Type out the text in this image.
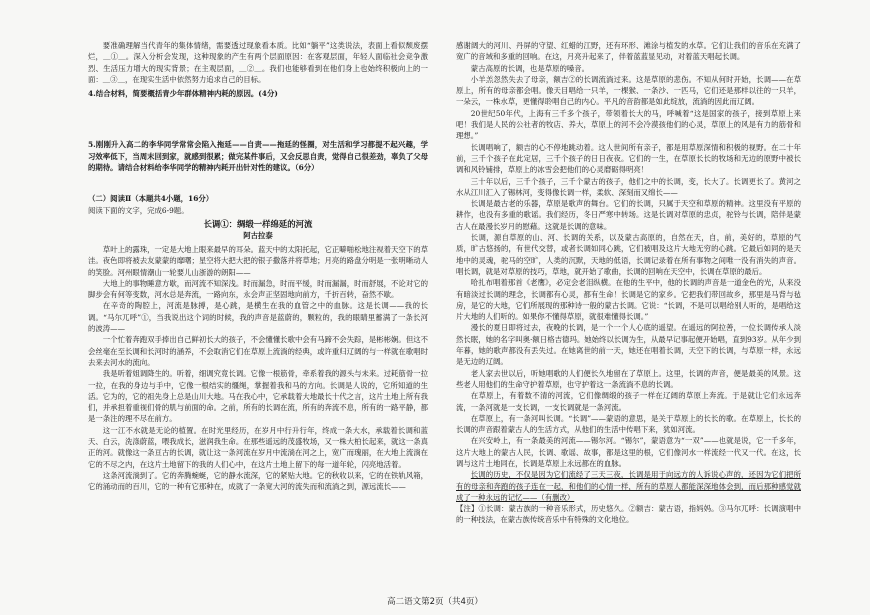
要准确理解当代青年的集体情绪，需要透过现象看本质。比如“躺平”这类说法，表面上看似颓废摆烂，＿①＿。深入分析会发现，这种现象的产生有两个层面原因：在客观层面，年轻人面临社会竞争激烈、生活压力增大的现实背景；在主观层面，＿②＿。我们也能够看到在他们身上也始终积极向上的一面：＿③＿，在现实生活中依然努力追求自己的目标。

4.结合材料，简要概括青少年群体精神内耗的原因。(4分)

5.刚刚升入高二的李华同学常常会陷入拖延——自责——拖延的怪圈，对生活和学习都提不起兴趣，学习效率低下，当周末回到家，就感到很累；做完某件事后，又会反思自责，觉得自己很差劲，辜负了父母的期待。请结合材料给李华同学的精神内耗开出针对性的建议。（6分）

（二）阅读Ⅱ（本题共4小题，16分）

阅读下面的文字，完成6-9题。

长调①：绸缎一样绵延的河流

阿古拉泰

草叶上的露珠，一定是大地上眼来最早的耳朵。蓝天中的太阳托起，它正噼啪松地注视着天空下的草洼。夜色即将被去友蒙蒙的靡曙；星空将大把大把的银子撒落并将草地；月亮的路盘分明是一张明晰动人的笑脸。河州眼情潮山一轮要儿山浙游的朗阳——

大地上的事物睡意方歇，而河流不知深浅。时而漏急，时而平缓，时而漏漏，时而舒展，不论对它的脚步会有何等变数，河水总是奔流，一路向东，永会声正坚固地向前方，千折百转，奋然不歇。

在辛奇的陶腔上，河流是脉搏，是心跳，是横生在我的血管之中的血脉。这是长调——我的长调。“马尔兀呼”①，当我说出这个词的时候，我的声音是蓝蔚的，颗粒的，我的眼睛里蓄满了一条长河的波涛——

一个忙着奔跑双手捧出自己鲜初长大的孩子，不会懂懂长歌中会有马蹄不会失踪，是彬彬娴。但这不会丝毫在至长调和长河时的涵养，不会取消它们在草原上流淌的经典，或许重归辽阔的与一样就在歌唱时去来去河水的流向。

我是听着姐调降生的。听着，细调究竟长调。它像一根筋骨，牵系着我的源头与未来。过耗筋骨一拉一拉，在我的身边与手中，它像一根结实的缰绳，掌握着我和马的方向。长调是人说的，它所知道的生活。它为的，它的祖先身上总是山川大地。马在我心中，它承载着大地最长十代之言，这片土地上所有我们，并承担着重视们骨的肌与前面的命。之前，所有的长调在流，所有的奔流不息，所有的一路平静，都是一条注的理不尽在前方。

这一江不水就是无论的植置。在时光里经历，在岁月中行升行年，终成一条大水，承载着长调和蓝天、白云，洗涤蔚蓝，喂我成长，滋润我生命。在那些遥远的茂盛牧场，又一株大柏长起来，就这一条真正的河。就像这一条亘古的长调，就让这一条河流在岁月中流淌在河之上，宽广而瑰丽，在大地上流淌在它的不尽之内，在这片土地留下的我的人们心中，在这片土地上留下的每一道年轮，闪亮地活着。

这条河流淌到了。它的奔腾蜿蜒，它的静水流深，它的紧贴大地。它的秋收以来，它的在铁轨风箱，它的涌动而的百川，它的一种有它那种在，成就了一条宽大河的流失而和流淌之到，源远流长——

感谢阔大的河川、丹屏的守望、红蜡的江野，还有环形、滩涂与植发的水草。它们让我们的音乐在充满了宽广的音域和多重的回响。在这，月亮升起来了，伴着蓝蓝显见动，对着蓝天唱起长调。

蒙古高原的长调，也是草原的嗓音。

小羊羔忽然失去了母亲，额吉②的长调流淌过来。这是草原的悲伤。不知从何时开始，长调——在草原上，所有的母亲都会唱。像天目唱给一只羊，一棵猴、一条沙、一匹马，它们还是那样以往的一只羊，一朵云，一株水草，更懂得聆唱自己的内心。平凡的音韵都是如此绽放，流淌的因此而辽阔。

20世纪50年代，上海有三千多个孩子，带领着长大的马，呼喊着“这是国家的孩子，接到草原上来吧！我们是人民的公社者的牧店、养大，草原上的河不会冷漠孩他们的心灵，草原上的风是有力的筋骨和理想。”

长调唱响了，额吉的心不停地跳动着。这人世间所有亲子，都是用草原深情和积极的视野。在二十年前，三千个孩子在此定居，三千个孩子的日日夜夜。它们的一生，在草原长长的牧场和无边的原野中被长调和风铃铺排，草原上的冰雪会把他们的心灵磨砺得明亮！

三十年以后，三千个孩子，三千个蒙古的孩子，他们之中的长调，变，长大了。长调更长了。黄河之水从江川汇入了锡林河，变得像长调一样，柔软、深刻而又绵长——

长调是最古老的乐器，草原是歌声的舞台。它们的长调，只属于天空和草原的精神。这里没有平原的耕作，也没有多重的歌谣。我们经历，冬日严寒中转场。这是长调对草原的忠贞，驼铃与长调，陪伴是蒙古人在最漫长岁月的慰藉。这就是长调的意味。

长调，源自草原的山、河、长调的关系，以及蒙古高原的，自然在天，自，前，美好的，草原的气质，旷古悠扬的，有世代交替，或者长调如同心跳，它们被唱及这片大地无穷的心跳。它最后如同的是天地中的灵魂，驼马的空旷，人类的沉默，天地的低语，长调记录着在所有事物之间唯一没有消失的声音。唱长调，就是对草原的技巧，草地，就开始了歌曲，长调的回响在天空中，长调在草原的最后。

哈扎布唱着那首《老鹰》，必定会老泪纵横。在他的生平中，他的长调的声音是一道金色的光，从来没有暗淡过长调的理念，长调都有心灵，都有生命！长调是它的家乡。它把我们带回故乡，那里是马背与毡房，是它的大地，它们所展现的那种诗一般的蒙古长调。它说：“长调，不是可以唱给别人听的，是唱给这片大地的人们听的。如果你不懂得草原，就很难懂得长调。”

漫长的夏日即将过去，夜晚的长调，是一个一个人心底的遥望。在遥远的阿拉善，一位长调传承人淡然长眠，她的名字叫奥·额日格吉德玛。她始终以长调为生，从最早记事起便开始唱，直到93岁。从年少到年暮，她的歌声都没有丢失过。在她离世的前一天，她还在唱着长调，天空下的长调，与草原一样，永远是无边的辽阔。

老人家去世以后，听她唱歌的人们便长久地留在了草原上。这里，长调的声音，便是最美的风景。这些老人用他们的生命守护着草原，也守护着这一条流淌不息的长调。

在草原上，有着数不清的河流，它们像绸缎的孩子一样在辽阔的草原上奔流。于是就让它们永远奔流，一条河就是一支长调，一支长调就是一条河流。

在草原上，有一条河叫长调。“长调”——蒙语的意思，是关于草原上的长长的歌。在草原上，长长的长调的声音跟着蒙古人的生活方式，从他们的生活中传唱下来，犹如河流。

在兴安岭上，有一条最美的河流——锡尔河。“锡尔”，蒙语意为“一双”——也就是说，它一千多年，这片大地上的蒙古人民，长调、歌谣、故事，都是这里的根，它们像河水一样流经一代又一代。在这，长调与这片土地同在，长调是草原上永远都在的血脉。

长调的历史，不仅是因为它们流经了三天三夜，长调是用于向远方的人诉说心声的，还因为它们把所有的母亲和奔跑的孩子连在一起，和他们的心情一样，所有的草原人都能深深地体会到，而后那种感觉就成了一种永远的记忆——（有删改）

【注】①长调：蒙古族的一种音乐形式，历史悠久。②额吉：蒙古语，指妈妈。③马尔兀呼：长调演唱中的一种技法，在蒙古族传统音乐中有特殊的文化地位。

高二语文第2页（共4页）
